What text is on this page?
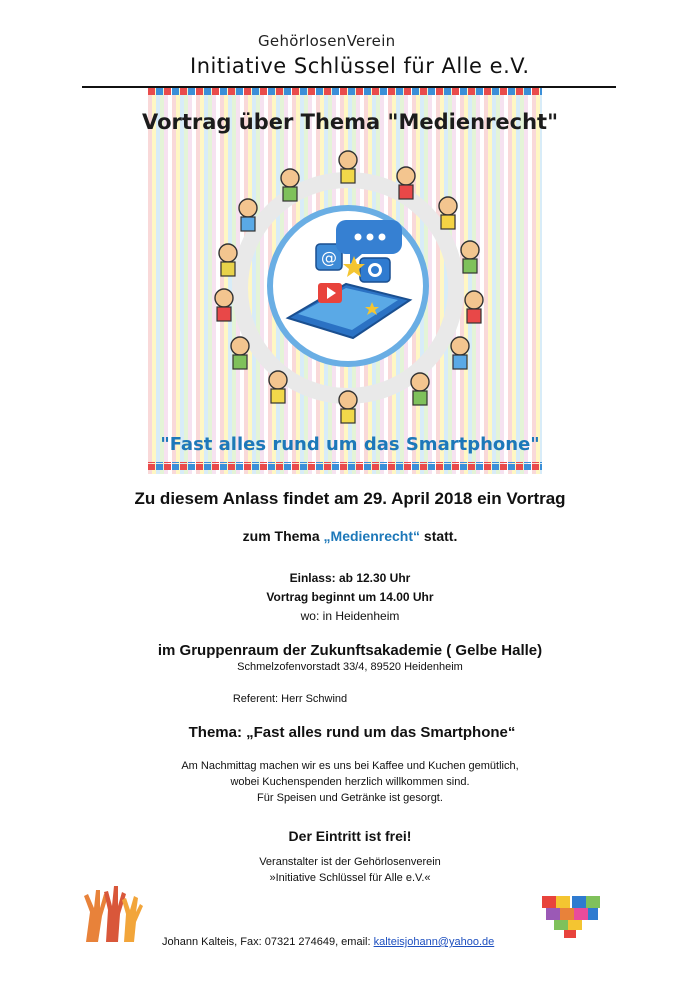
GehörlosenVerein
Initiative Schlüssel für Alle e.V.
@
Vortrag über Thema "Medienrecht"
"Fast alles rund um das Smartphone"
Zu diesem Anlass findet am 29. April 2018 ein Vortrag
zum Thema „Medienrecht“ statt.
Einlass: ab 12.30 Uhr
Vortrag beginnt um 14.00 Uhr
wo: in Heidenheim
im Gruppenraum der Zukunftsakademie ( Gelbe Halle)
Schmelzofenvorstadt 33/4, 89520 Heidenheim
Referent: Herr Schwind
Thema: „Fast alles rund um das Smartphone“
Am Nachmittag machen wir es uns bei Kaffee und Kuchen gemütlich,
wobei Kuchenspenden herzlich willkommen sind.
Für Speisen und Getränke ist gesorgt.
Der Eintritt ist frei!
Veranstalter ist der Gehörlosenverein
»Initiative Schlüssel für Alle e.V.«
Johann Kalteis, Fax: 07321 274649, email: kalteisjohann@yahoo.de
